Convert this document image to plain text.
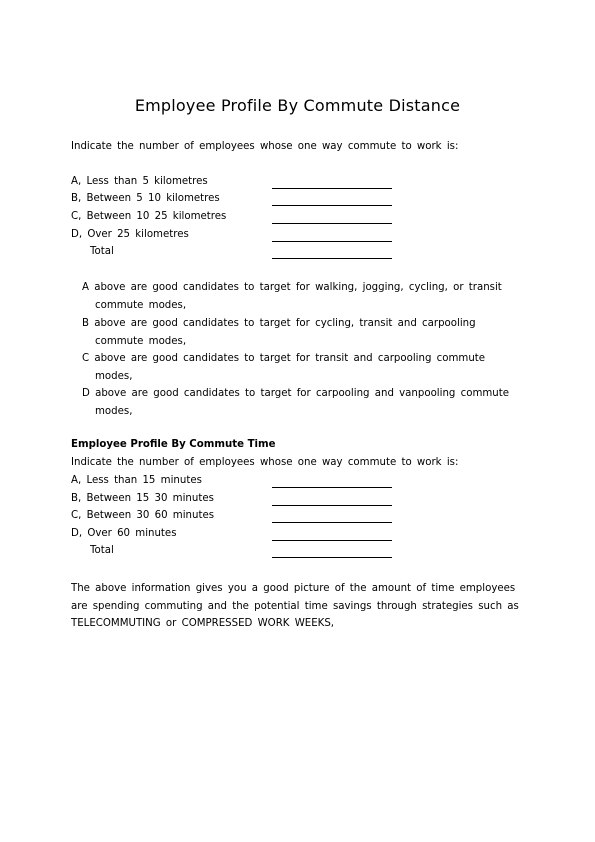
Employee Profile By Commute Distance
Indicate the number of employees whose one way commute to work is:
A, Less than 5 kilometres
B, Between 5 10 kilometres
C, Between 10 25 kilometres
D, Over 25 kilometres
Total
A above are good candidates to target for walking, jogging, cycling, or transit
commute modes,
B above are good candidates to target for cycling, transit and carpooling
commute modes,
C above are good candidates to target for transit and carpooling commute
modes,
D above are good candidates to target for carpooling and vanpooling commute
modes,
Employee Profile By Commute Time
Indicate the number of employees whose one way commute to work is:
A, Less than 15 minutes
B, Between 15 30 minutes
C, Between 30 60 minutes
D, Over 60 minutes
Total
The above information gives you a good picture of the amount of time employees
are spending commuting and the potential time savings through strategies such as
TELECOMMUTING or COMPRESSED WORK WEEKS,
